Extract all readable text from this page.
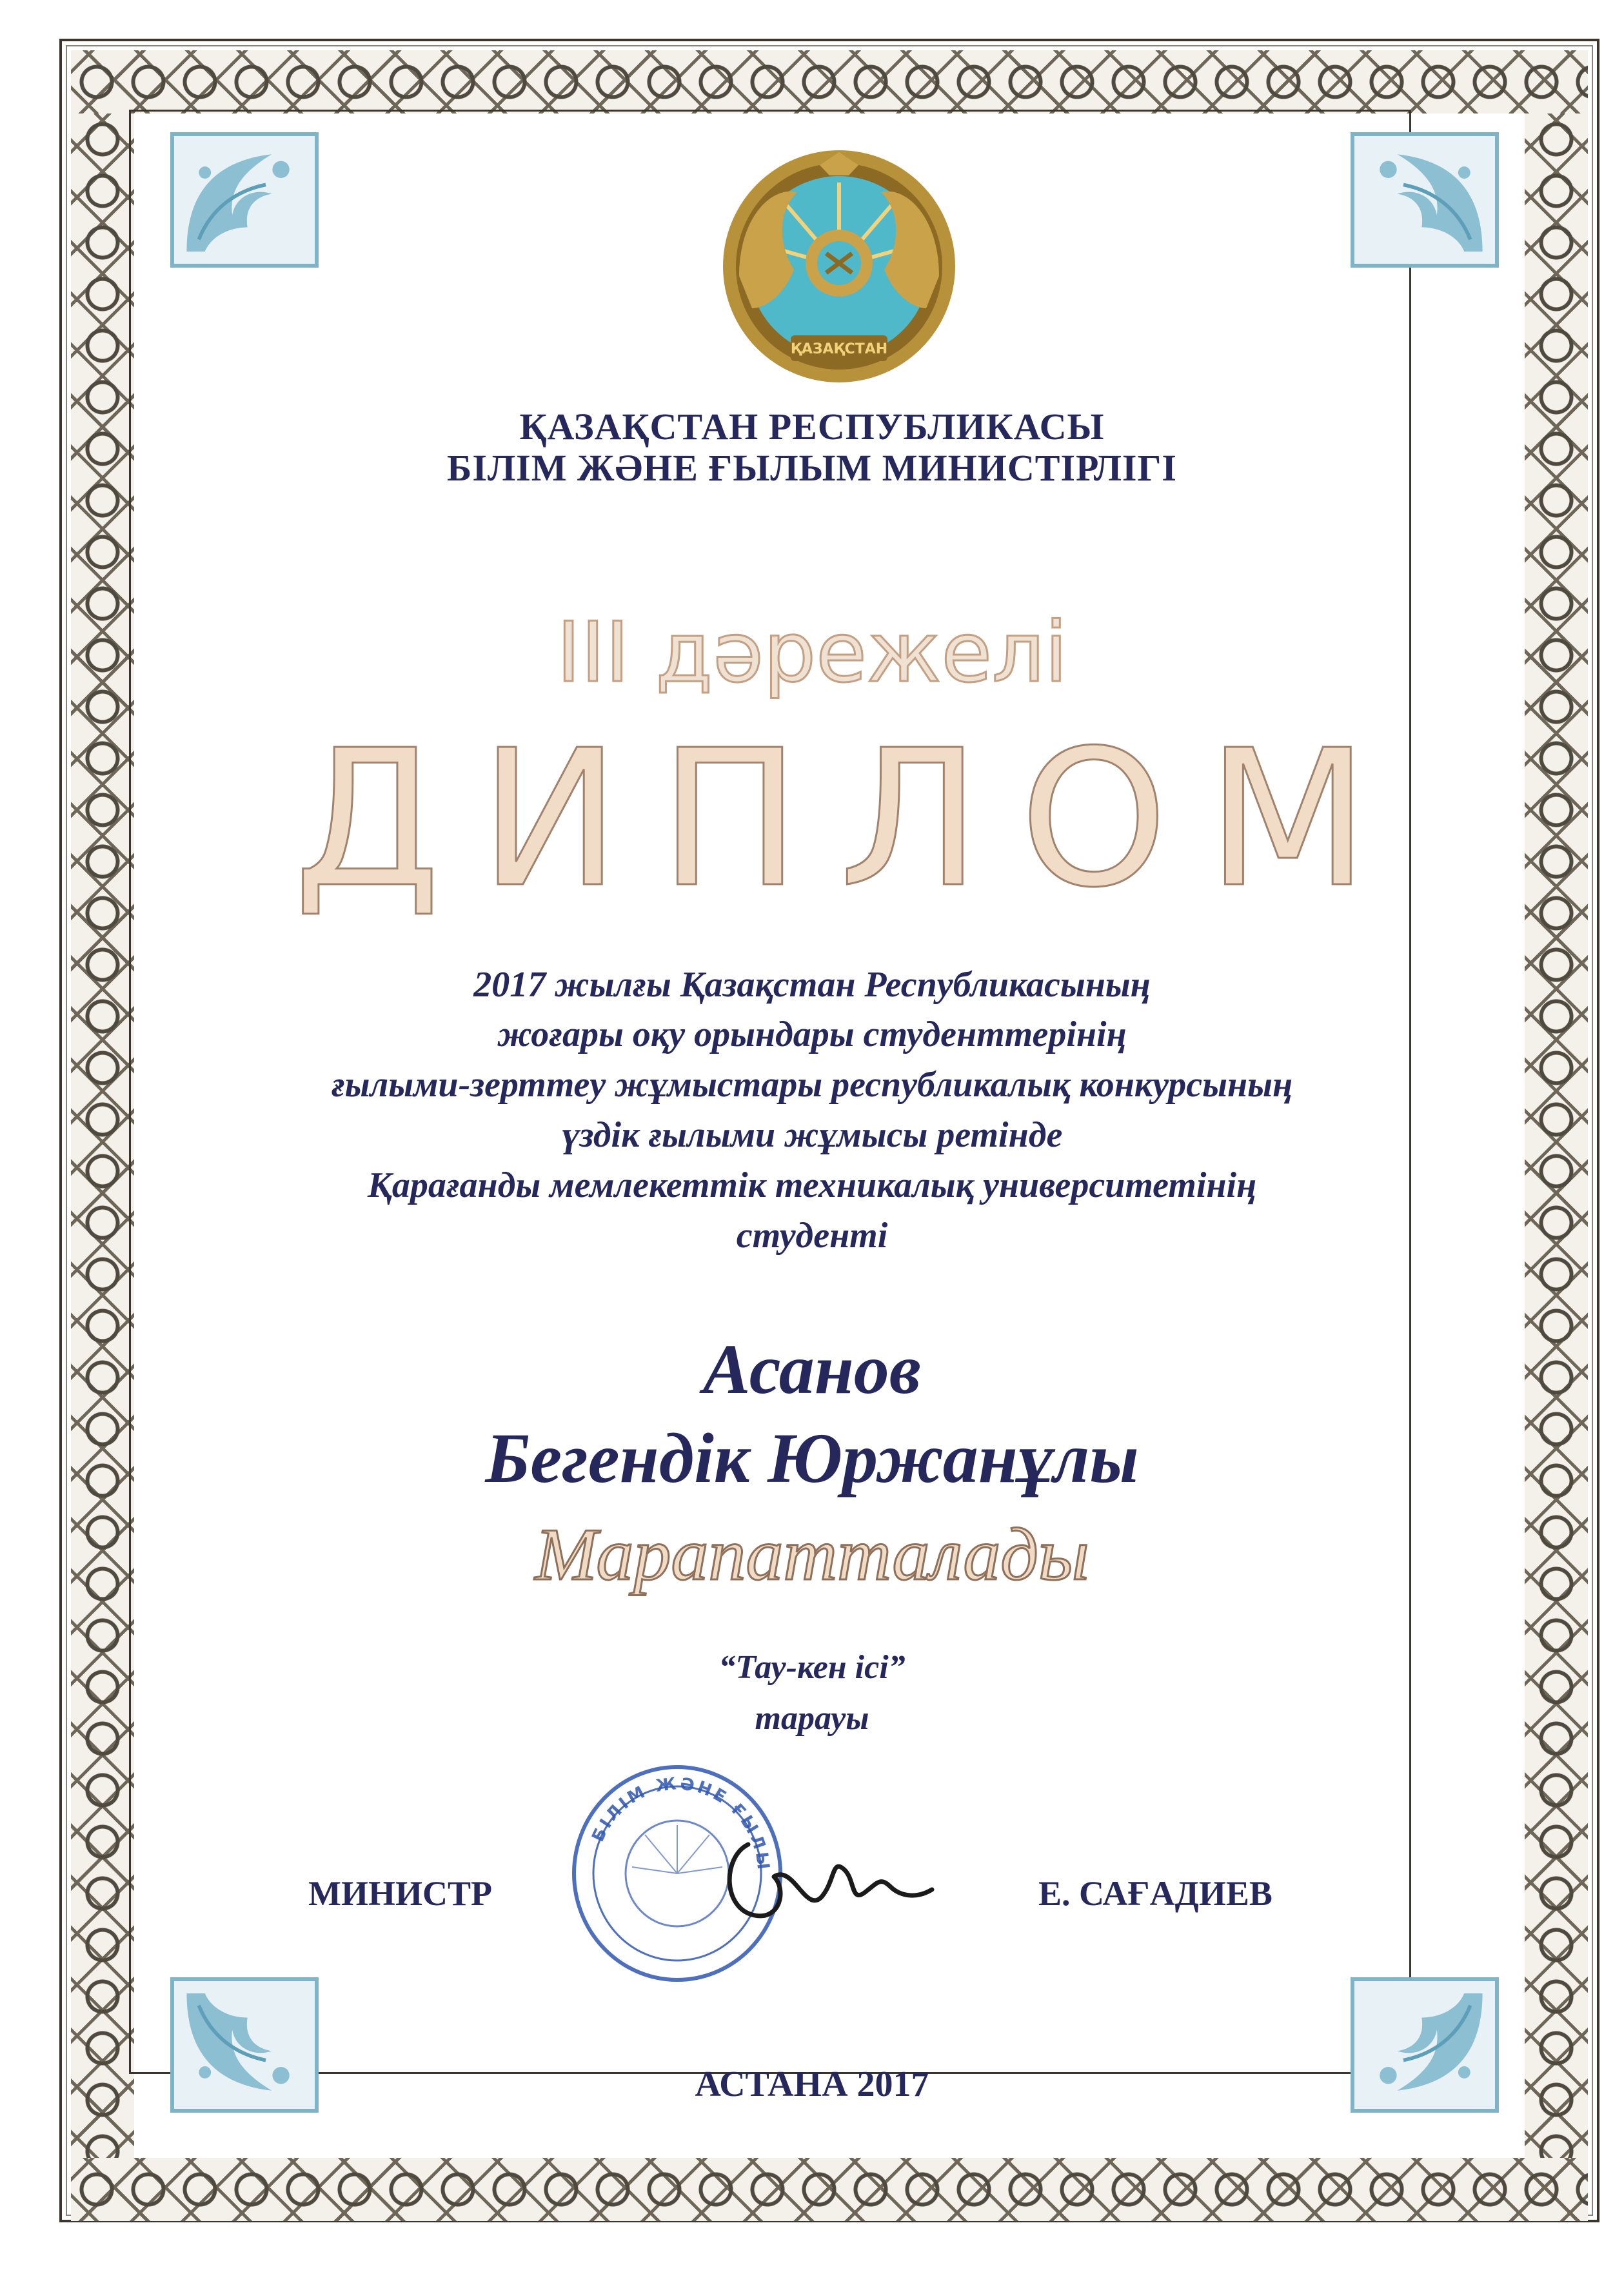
ҚАЗАҚСТАН
ҚАЗАҚСТАН РЕСПУБЛИКАСЫ
БІЛІМ ЖӘНЕ ҒЫЛЫМ МИНИСТІРЛІГІ
III дәрежелі
ДИПЛОМ
2017 жылғы Қазақстан Республикасының
жоғары оқу орындары студенттерінің
ғылыми-зерттеу жұмыстары республикалық конкурсының
үздік ғылыми жұмысы ретінде
Қарағанды мемлекеттік техникалық университетінің
студенті
Асанов
Бегендік Юржанұлы
Марапатталады
“Тау-кен ісі”
тарауы
БІЛІМ ЖӘНЕ ҒЫЛЫ
МИНИСТР	Е. САҒАДИЕВ
АСТАНА 2017
